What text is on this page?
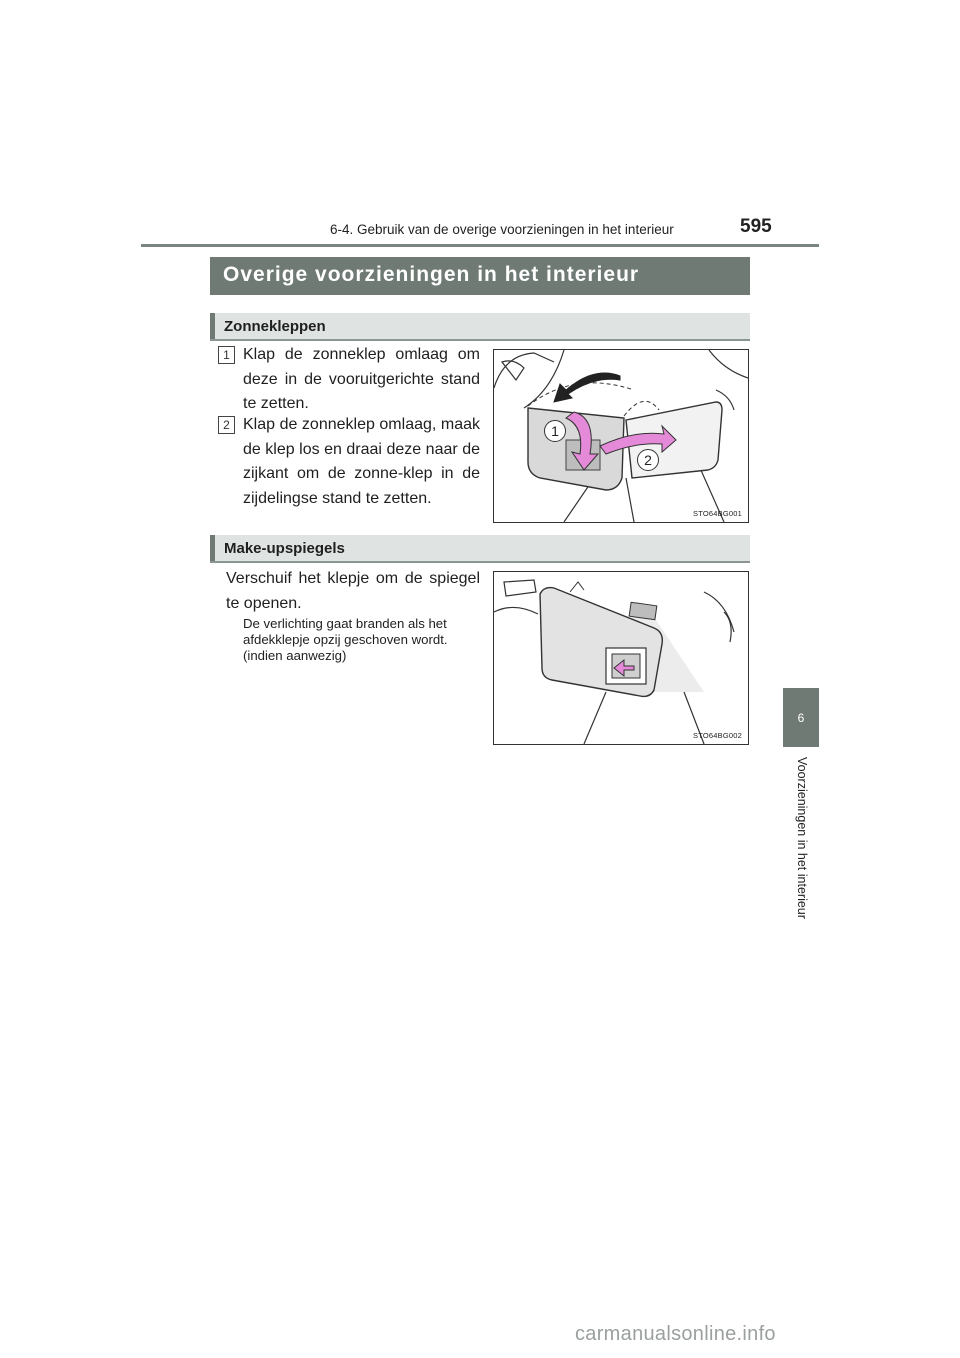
6-4. Gebruik van de overige voorzieningen in het interieur	595
6
Voorzieningen in het interieur
Overige voorzieningen in het interieur
Zonnekleppen
1 Klap de zonneklep omlaag om deze in de vooruitgerichte stand te zetten.
2 Klap de zonneklep omlaag, maak de klep los en draai deze naar de zijkant om de zonne-klep in de zijdelingse stand te zetten.
1
2
STO64BG001
Make-upspiegels
Verschuif het klepje om de spiegel te openen.
De verlichting gaat branden als het afdekklepje opzij geschoven wordt. (indien aanwezig)
STO64BG002
carmanualsonline.info
